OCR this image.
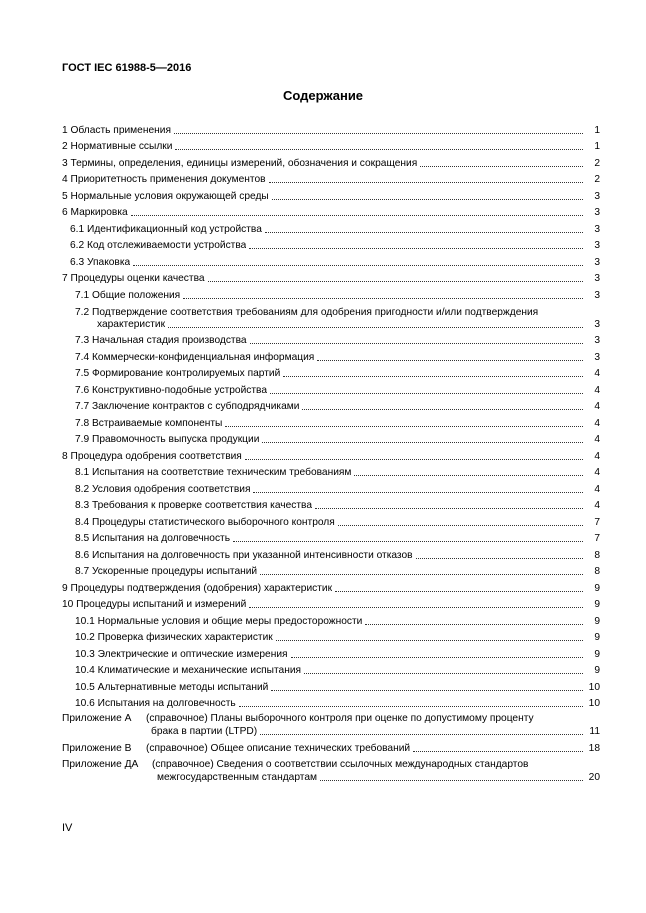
ГОСТ IEC 61988-5—2016
Содержание
1 Область применения	1
2 Нормативные ссылки	1
3 Термины, определения, единицы измерений, обозначения и сокращения	2
4 Приоритетность применения документов	2
5 Нормальные условия окружающей среды	3
6 Маркировка	3
6.1 Идентификационный код устройства	3
6.2 Код отслеживаемости устройства	3
6.3 Упаковка	3
7 Процедуры оценки качества	3
7.1 Общие положения	3
7.2 Подтверждение соответствия требованиям для одобрения пригодности и/или подтверждения
характеристик	3
7.3 Начальная стадия производства	3
7.4 Коммерчески-конфиденциальная информация	3
7.5 Формирование контролируемых партий	4
7.6 Конструктивно-подобные устройства	4
7.7 Заключение контрактов с субподрядчиками	4
7.8 Встраиваемые компоненты	4
7.9 Правомочность выпуска продукции	4
8 Процедура одобрения соответствия	4
8.1 Испытания на соответствие техническим требованиям	4
8.2 Условия одобрения соответствия	4
8.3 Требования к проверке соответствия качества	4
8.4 Процедуры статистического выборочного контроля	7
8.5 Испытания на долговечность	7
8.6 Испытания на долговечность при указанной интенсивности отказов	8
8.7 Ускоренные процедуры испытаний	8
9 Процедуры подтверждения (одобрения) характеристик	9
10 Процедуры испытаний и измерений	9
10.1 Нормальные условия и общие меры предосторожности	9
10.2 Проверка физических характеристик	9
10.3 Электрические и оптические измерения	9
10.4 Климатические и механические испытания	9
10.5 Альтернативные методы испытаний	10
10.6 Испытания на долговечность	10
Приложение А	(справочное) Планы выборочного контроля при оценке по допустимому проценту
брака в партии (LTPD)	11
Приложение В	(справочное) Общее описание технических требований	18
Приложение ДА	(справочное) Сведения о соответствии ссылочных международных стандартов
межгосударственным стандартам	20
IV
